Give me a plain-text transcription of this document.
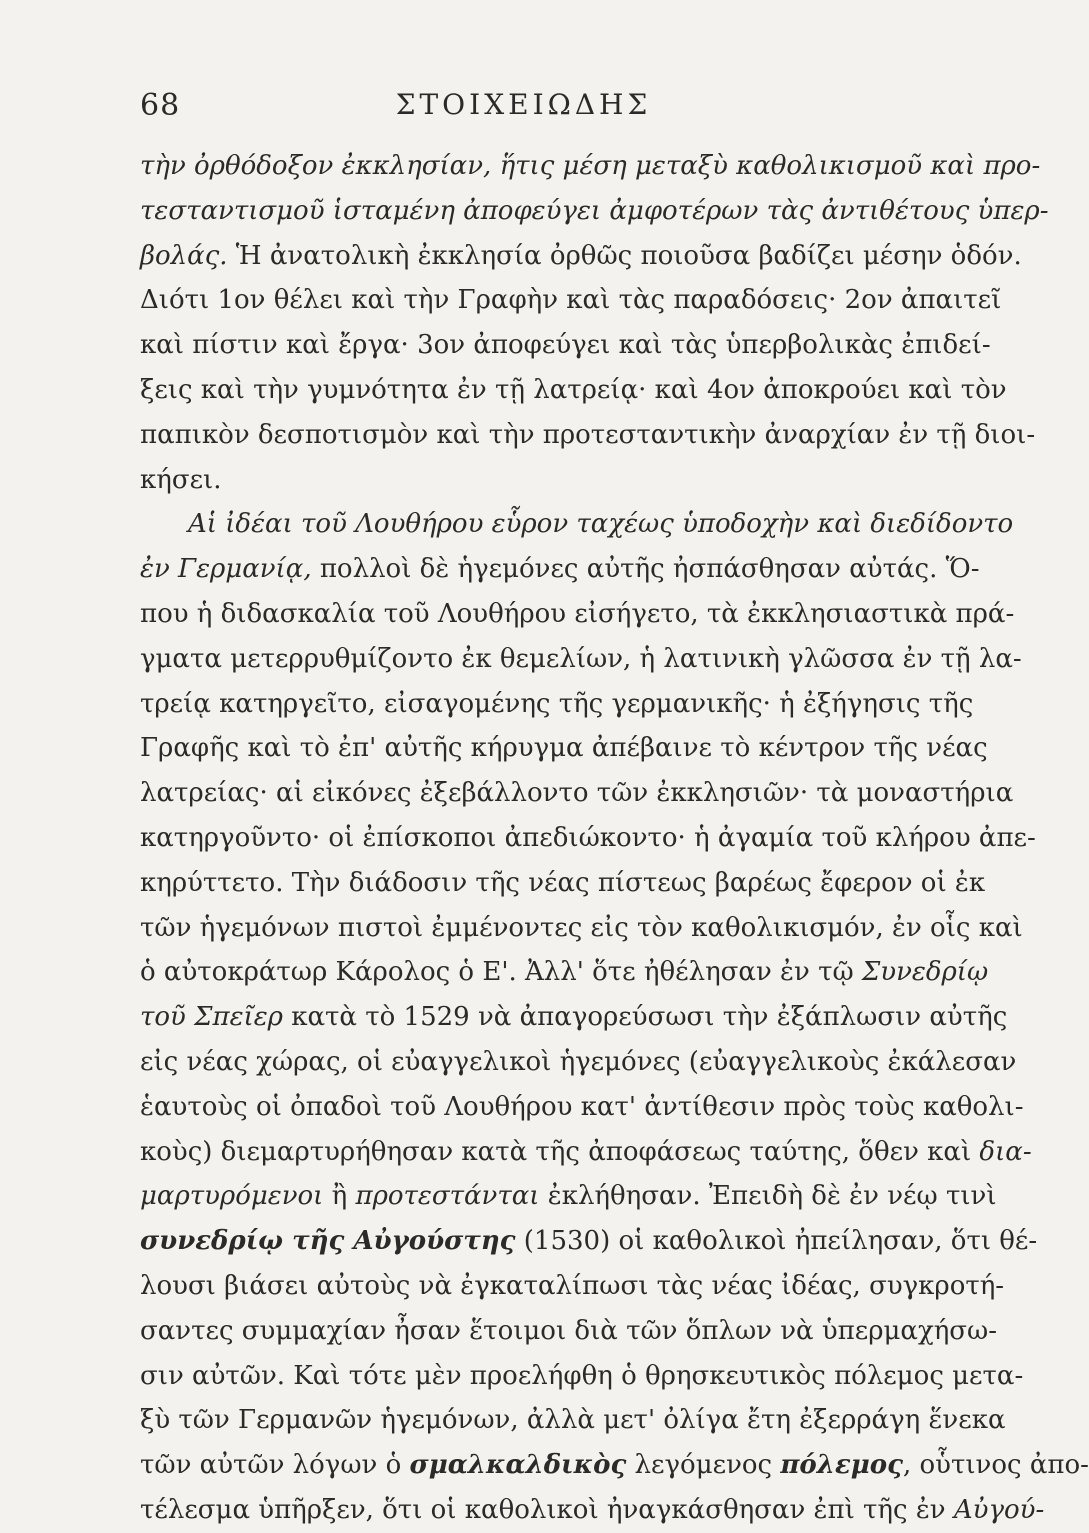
68	ΣΤΟΙΧΕΙΩΔΗΣ
τὴν ὀρθόδοξον ἐκκλησίαν, ἥτις μέση μεταξὺ καθολικισμοῦ καὶ προ-
τεσταντισμοῦ ἱσταμένη ἀποφεύγει ἀμφοτέρων τὰς ἀντιθέτους ὑπερ-
βολάς. Ἡ ἀνατολικὴ ἐκκλησία ὀρθῶς ποιοῦσα βαδίζει μέσην ὁδόν.
Διότι 1ον θέλει καὶ τὴν Γραφὴν καὶ τὰς παραδόσεις· 2ον ἀπαιτεῖ
καὶ πίστιν καὶ ἔργα· 3ον ἀποφεύγει καὶ τὰς ὑπερβολικὰς ἐπιδεί-
ξεις καὶ τὴν γυμνότητα ἐν τῇ λατρείᾳ· καὶ 4ον ἀποκρούει καὶ τὸν
παπικὸν δεσποτισμὸν καὶ τὴν προτεσταντικὴν ἀναρχίαν ἐν τῇ διοι-
κήσει.
Αἱ ἰδέαι τοῦ Λουθήρου εὗρον ταχέως ὑποδοχὴν καὶ διεδίδοντο
ἐν Γερμανίᾳ, πολλοὶ δὲ ἡγεμόνες αὐτῆς ἠσπάσθησαν αὐτάς. Ὅ-
που ἡ διδασκαλία τοῦ Λουθήρου εἰσήγετο, τὰ ἐκκλησιαστικὰ πρά-
γματα μετερρυθμίζοντο ἐκ θεμελίων, ἡ λατινικὴ γλῶσσα ἐν τῇ λα-
τρείᾳ κατηργεῖτο, εἰσαγομένης τῆς γερμανικῆς· ἡ ἐξήγησις τῆς
Γραφῆς καὶ τὸ ἐπ' αὐτῆς κήρυγμα ἀπέβαινε τὸ κέντρον τῆς νέας
λατρείας· αἱ εἰκόνες ἐξεβάλλοντο τῶν ἐκκλησιῶν· τὰ μοναστήρια
κατηργοῦντο· οἱ ἐπίσκοποι ἀπεδιώκοντο· ἡ ἀγαμία τοῦ κλήρου ἀπε-
κηρύττετο. Τὴν διάδοσιν τῆς νέας πίστεως βαρέως ἔφερον οἱ ἐκ
τῶν ἡγεμόνων πιστοὶ ἐμμένοντες εἰς τὸν καθολικισμόν, ἐν οἷς καὶ
ὁ αὐτοκράτωρ Κάρολος ὁ Ε'. Ἀλλ' ὅτε ἠθέλησαν ἐν τῷ Συνεδρίῳ
τοῦ Σπεῖερ κατὰ τὸ 1529 νὰ ἀπαγορεύσωσι τὴν ἐξάπλωσιν αὐτῆς
εἰς νέας χώρας, οἱ εὐαγγελικοὶ ἡγεμόνες (εὐαγγελικοὺς ἐκάλεσαν
ἑαυτοὺς οἱ ὀπαδοὶ τοῦ Λουθήρου κατ' ἀντίθεσιν πρὸς τοὺς καθολι-
κοὺς) διεμαρτυρήθησαν κατὰ τῆς ἀποφάσεως ταύτης, ὅθεν καὶ δια-
μαρτυρόμενοι ἢ προτεστάνται ἐκλήθησαν. Ἐπειδὴ δὲ ἐν νέῳ τινὶ
συνεδρίῳ τῆς Αὐγούστης (1530) οἱ καθολικοὶ ἠπείλησαν, ὅτι θέ-
λουσι βιάσει αὐτοὺς νὰ ἐγκαταλίπωσι τὰς νέας ἰδέας, συγκροτή-
σαντες συμμαχίαν ἦσαν ἕτοιμοι διὰ τῶν ὅπλων νὰ ὑπερμαχήσω-
σιν αὐτῶν. Καὶ τότε μὲν προελήφθη ὁ θρησκευτικὸς πόλεμος μετα-
ξὺ τῶν Γερμανῶν ἡγεμόνων, ἀλλὰ μετ' ὀλίγα ἔτη ἐξερράγη ἕνεκα
τῶν αὐτῶν λόγων ὁ σμαλκαλδικὸς λεγόμενος πόλεμος, οὗτινος ἀπο-
τέλεσμα ὑπῆρξεν, ὅτι οἱ καθολικοὶ ἠναγκάσθησαν ἐπὶ τῆς ἐν Αὐγού-
